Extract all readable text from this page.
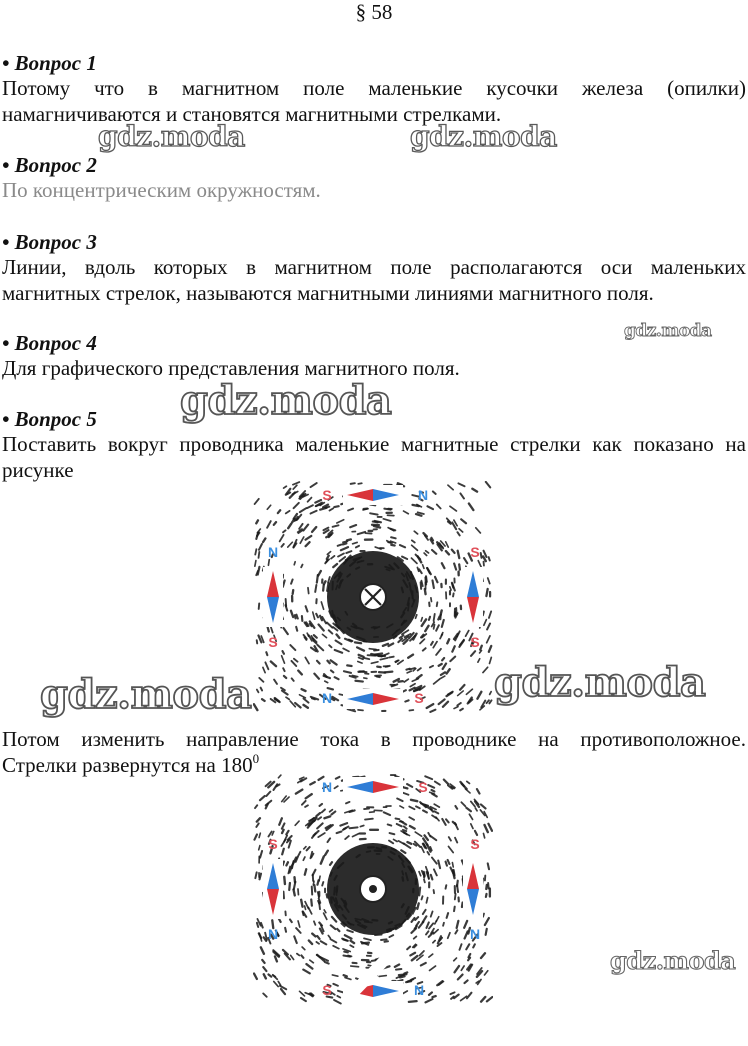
§ 58
• Вопрос 1
Потому что в магнитном поле маленькие кусочки железа (опилки)
намагничиваются и становятся магнитными стрелками.
gdz.moda	gdz.moda
• Вопрос 2
По концентрическим окружностям.
• Вопрос 3
Линии, вдоль которых в магнитном поле располагаются оси маленьких
магнитных стрелок, называются магнитными линиями магнитного поля.
gdz.moda
• Вопрос 4
Для графического представления магнитного поля.
• Вопрос 5 gdz.moda
Поставить вокруг проводника маленькие магнитные стрелки как показано на
рисунке
S	N
N
S
S
S
N	S
gdz.moda	gdz.moda
Потом изменить направление тока в проводнике на противоположное.
Стрелки развернутся на $180^0$
N	S
S
N
S
N
S	N
gdz.moda
